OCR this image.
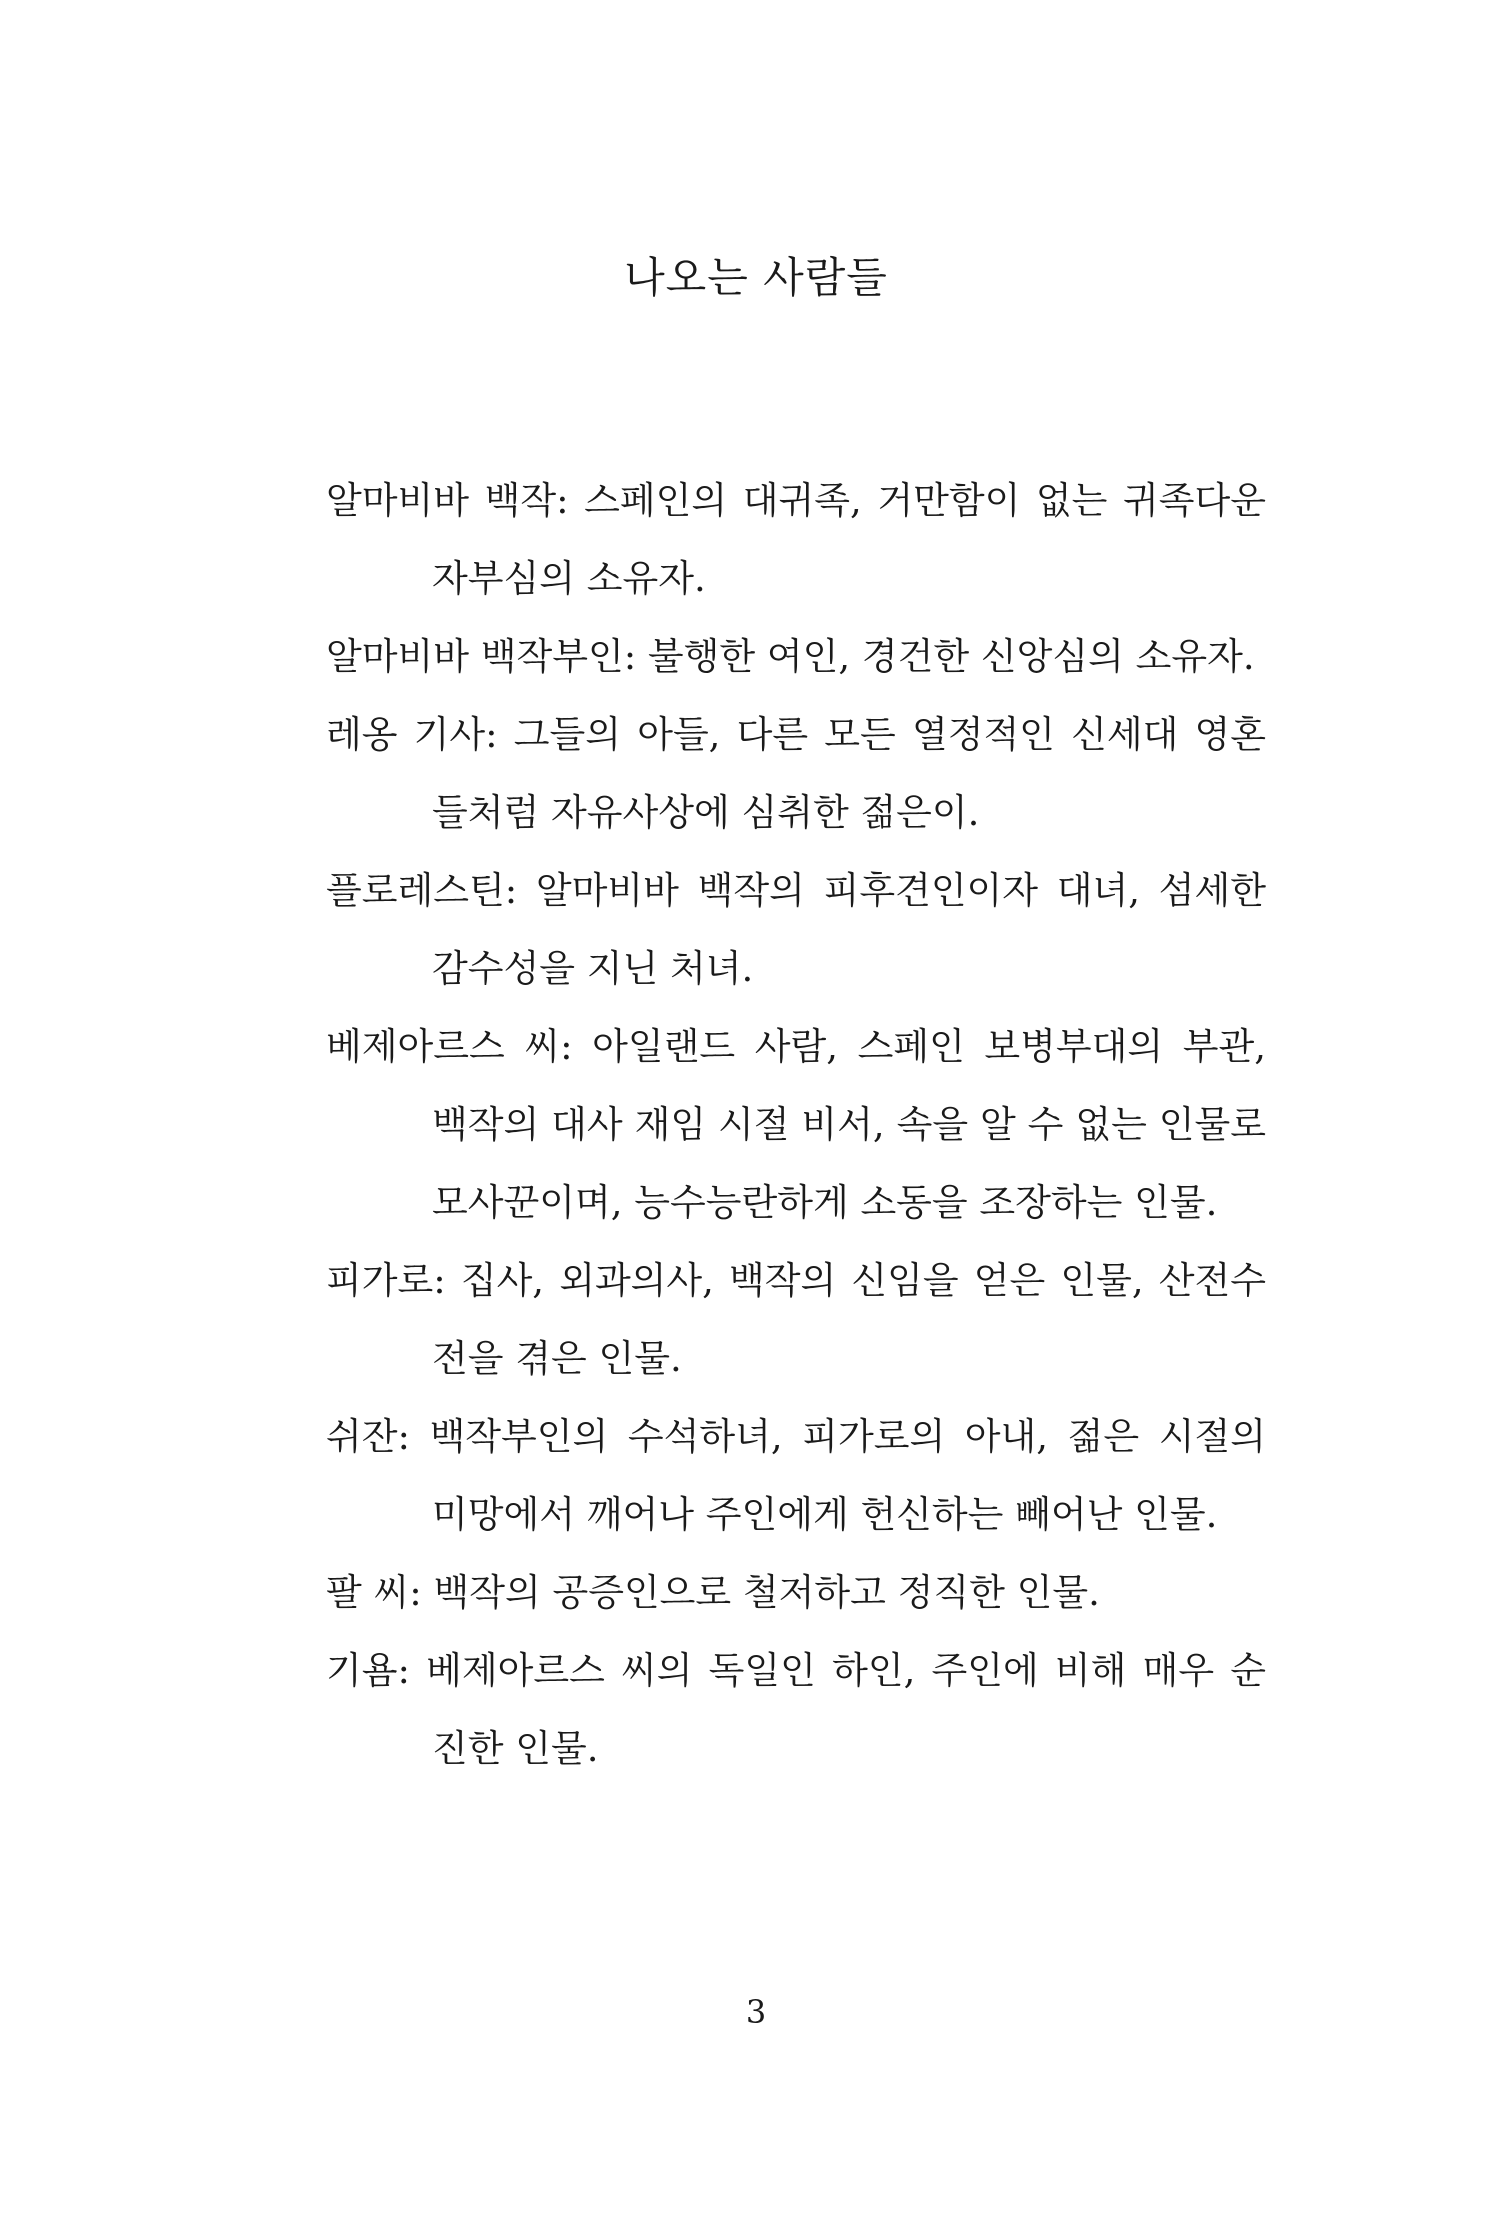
나오는 사람들
알마비바 백작: 스페인의 대귀족, 거만함이 없는 귀족다운 자부심의 소유자.
알마비바 백작부인: 불행한 여인, 경건한 신앙심의 소유자.
레옹 기사: 그들의 아들, 다른 모든 열정적인 신세대 영혼들처럼 자유사상에 심취한 젊은이.
플로레스틴: 알마비바 백작의 피후견인이자 대녀, 섬세한 감수성을 지닌 처녀.
베제아르스 씨: 아일랜드 사람, 스페인 보병부대의 부관, 백작의 대사 재임 시절 비서, 속을 알 수 없는 인물로 모사꾼이며, 능수능란하게 소동을 조장하는 인물.
피가로: 집사, 외과의사, 백작의 신임을 얻은 인물, 산전수전을 겪은 인물.
쉬잔: 백작부인의 수석하녀, 피가로의 아내, 젊은 시절의 미망에서 깨어나 주인에게 헌신하는 빼어난 인물.
팔 씨: 백작의 공증인으로 철저하고 정직한 인물.
기욤: 베제아르스 씨의 독일인 하인, 주인에 비해 매우 순진한 인물.
3
